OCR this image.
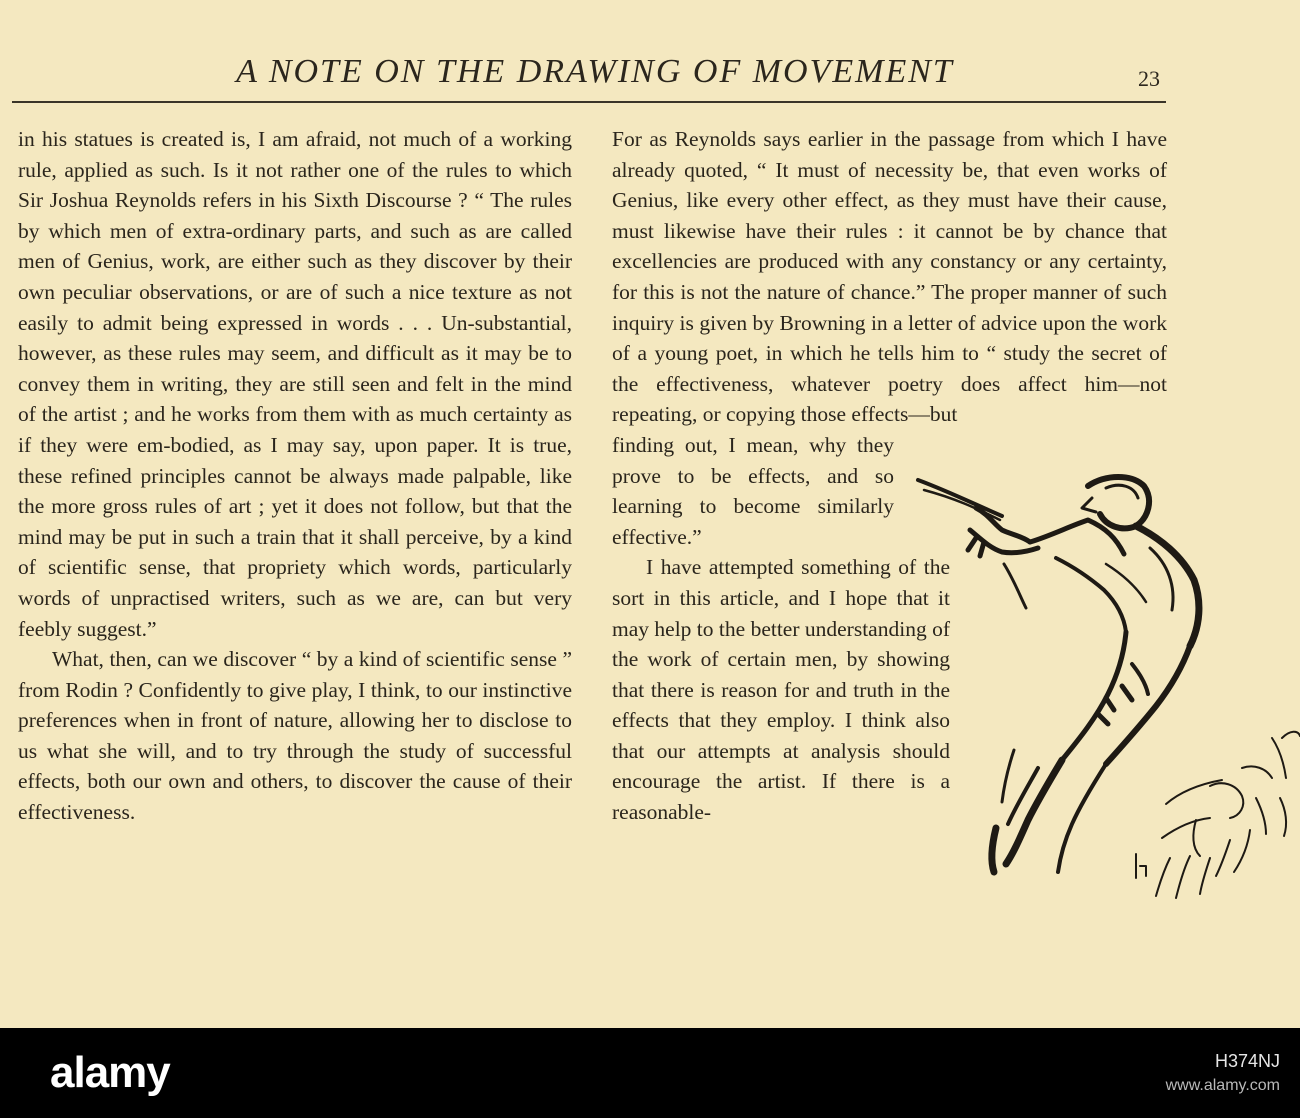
A NOTE ON THE DRAWING OF MOVEMENT	23

in his statues is created is, I am afraid, not much of a working rule, applied as such. Is it not rather one of the rules to which Sir Joshua Reynolds refers in his Sixth Discourse ? “ The rules by which men of extra-ordinary parts, and such as are called men of Genius, work, are either such as they discover by their own peculiar observations, or are of such a nice texture as not easily to admit being expressed in words . . . Un-substantial, however, as these rules may seem, and difficult as it may be to convey them in writing, they are still seen and felt in the mind of the artist ; and he works from them with as much certainty as if they were em-bodied, as I may say, upon paper. It is true, these refined principles cannot be always made palpable, like the more gross rules of art ; yet it does not follow, but that the mind may be put in such a train that it shall perceive, by a kind of scientific sense, that propriety which words, particularly words of unpractised writers, such as we are, can but very feebly suggest.”

What, then, can we discover “ by a kind of scientific sense ” from Rodin ? Confidently to give play, I think, to our instinctive preferences when in front of nature, allowing her to disclose to us what she will, and to try through the study of successful effects, both our own and others, to discover the cause of their effectiveness.

For as Reynolds says earlier in the passage from which I have already quoted, “ It must of necessity be, that even works of Genius, like every other effect, as they must have their cause, must likewise have their rules : it cannot be by chance that excellencies are produced with any constancy or any certainty, for this is not the nature of chance.” The proper manner of such inquiry is given by Browning in a letter of advice upon the work of a young poet, in which he tells him to “ study the secret of the effectiveness, whatever poetry does affect him—not repeating, or copying those effects—but

finding out, I mean, why they prove to be effects, and so learning to become similarly effective.”

I have attempted something of the sort in this article, and I hope that it may help to the better understanding of the work of certain men, by showing that there is reason for and truth in the effects that they employ. I think also that our attempts at analysis should encourage the artist. If there is a reasonable-

alamy	H374NJ
www.alamy.com
